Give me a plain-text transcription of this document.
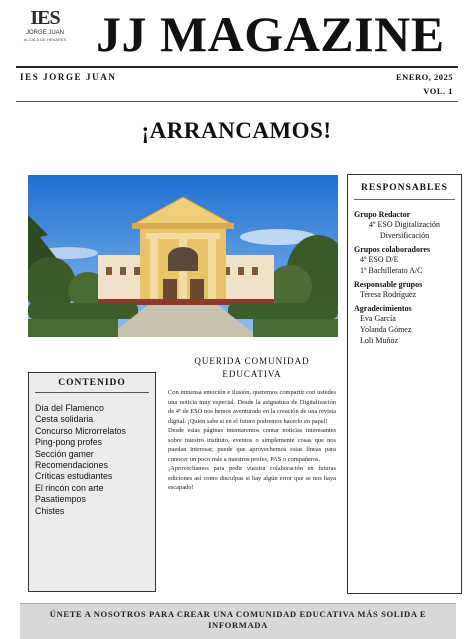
IES
JORGE JUAN
ALCALÁ DE HENARES JJ MAGAZINE
IES JORGE JUAN	ENERO, 2025
VOL. 1
¡ARRANCAMOS!
RESPONSABLES
Grupo Redactor
4º ESO Digitalización
Diversificación
Grupos colaboradores
4º ESO D/E
1º Bachillerato A/C
Responsable grupos
Teresa Rodríguez
Agradecimientos
Eva García
Yolanda Gómez
Loli Muñoz
CONTENIDO
Día del Flamenco
Cesta solidaria
Concurso Microrrelatos
Ping-pong profes
Sección gamer
Recomendaciones
Críticas estudiantes
El rincón con arte
Pasatiempos
Chistes
QUERIDA COMUNIDAD EDUCATIVA

Con inmensa emoción e ilusión, queremos compartir con ustedes una noticia muy especial. Desde la asignatura de Digitalización de 4º de ESO nos hemos aventurado en la creación de una revista digital. ¡Quién sabe si en el futuro podremos hacerlo en papel!

Desde estas páginas intentaremos contar noticias interesantes sobre nuestro instituto, eventos o simplemente cosas que nos puedan interesar, puede que aprovechemos estas líneas para conocer un poco más a nuestros profes, PAS o compañeros.

¡Aprovechamos para pedir vuestra colaboración en futuras ediciones así como disculpas si hay algún error que se nos haya escapado!

ÚNETE A NOSOTROS PARA CREAR UNA COMUNIDAD EDUCATIVA MÁS SOLIDA E INFORMADA
